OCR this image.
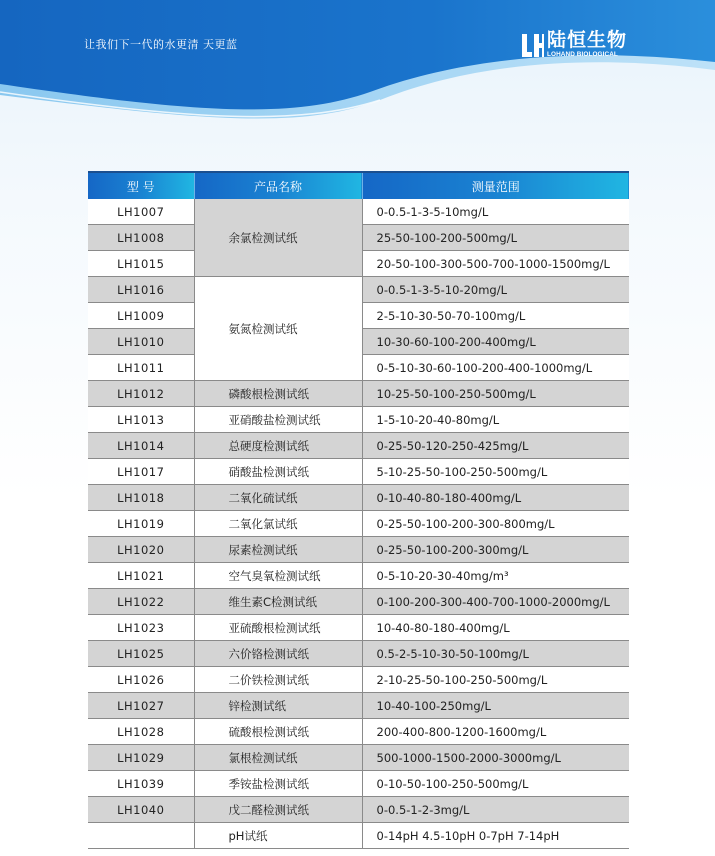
让我们下一代的水更清 天更蓝	陆恒生物
LOHAND BIOLOGICAL
型 号	产品名称	测量范围
LH1007	余氯检测试纸	0-0.5-1-3-5-10mg/L
LH1008		25-50-100-200-500mg/L
LH1015		20-50-100-300-500-700-1000-1500mg/L
LH1016	氨氮检测试纸	0-0.5-1-3-5-10-20mg/L
LH1009		2-5-10-30-50-70-100mg/L
LH1010		10-30-60-100-200-400mg/L
LH1011		0-5-10-30-60-100-200-400-1000mg/L
LH1012	磷酸根检测试纸	10-25-50-100-250-500mg/L
LH1013	亚硝酸盐检测试纸	1-5-10-20-40-80mg/L
LH1014	总硬度检测试纸	0-25-50-120-250-425mg/L
LH1017	硝酸盐检测试纸	5-10-25-50-100-250-500mg/L
LH1018	二氧化硫试纸	0-10-40-80-180-400mg/L
LH1019	二氧化氯试纸	0-25-50-100-200-300-800mg/L
LH1020	尿素检测试纸	0-25-50-100-200-300mg/L
LH1021	空气臭氧检测试纸	0-5-10-20-30-40mg/m³
LH1022	维生素C检测试纸	0-100-200-300-400-700-1000-2000mg/L
LH1023	亚硫酸根检测试纸	10-40-80-180-400mg/L
LH1025	六价铬检测试纸	0.5-2-5-10-30-50-100mg/L
LH1026	二价铁检测试纸	2-10-25-50-100-250-500mg/L
LH1027	锌检测试纸	10-40-100-250mg/L
LH1028	硫酸根检测试纸	200-400-800-1200-1600mg/L
LH1029	氯根检测试纸	500-1000-1500-2000-3000mg/L
LH1039	季铵盐检测试纸	0-10-50-100-250-500mg/L
LH1040	戊二醛检测试纸	0-0.5-1-2-3mg/L
	pH试纸	0-14pH 4.5-10pH 0-7pH 7-14pH
